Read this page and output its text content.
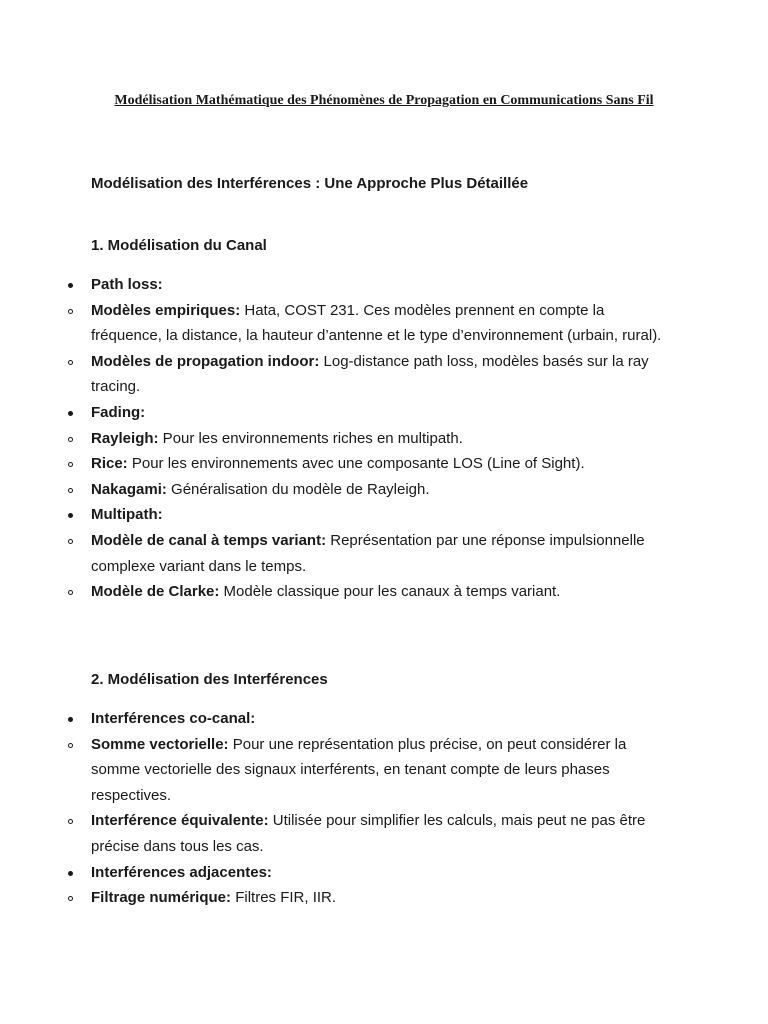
Modélisation Mathématique des Phénomènes de Propagation en Communications Sans Fil
Modélisation des Interférences : Une Approche Plus Détaillée
1. Modélisation du Canal
Path loss:
Modèles empiriques: Hata, COST 231. Ces modèles prennent en compte la fréquence, la distance, la hauteur d’antenne et le type d’environnement (urbain, rural).
Modèles de propagation indoor: Log-distance path loss, modèles basés sur la ray tracing.
Fading:
Rayleigh: Pour les environnements riches en multipath.
Rice: Pour les environnements avec une composante LOS (Line of Sight).
Nakagami: Généralisation du modèle de Rayleigh.
Multipath:
Modèle de canal à temps variant: Représentation par une réponse impulsionnelle complexe variant dans le temps.
Modèle de Clarke: Modèle classique pour les canaux à temps variant.
2. Modélisation des Interférences
Interférences co-canal:
Somme vectorielle: Pour une représentation plus précise, on peut considérer la somme vectorielle des signaux interférents, en tenant compte de leurs phases respectives.
Interférence équivalente: Utilisée pour simplifier les calculs, mais peut ne pas être précise dans tous les cas.
Interférences adjacentes:
Filtrage numérique: Filtres FIR, IIR.
